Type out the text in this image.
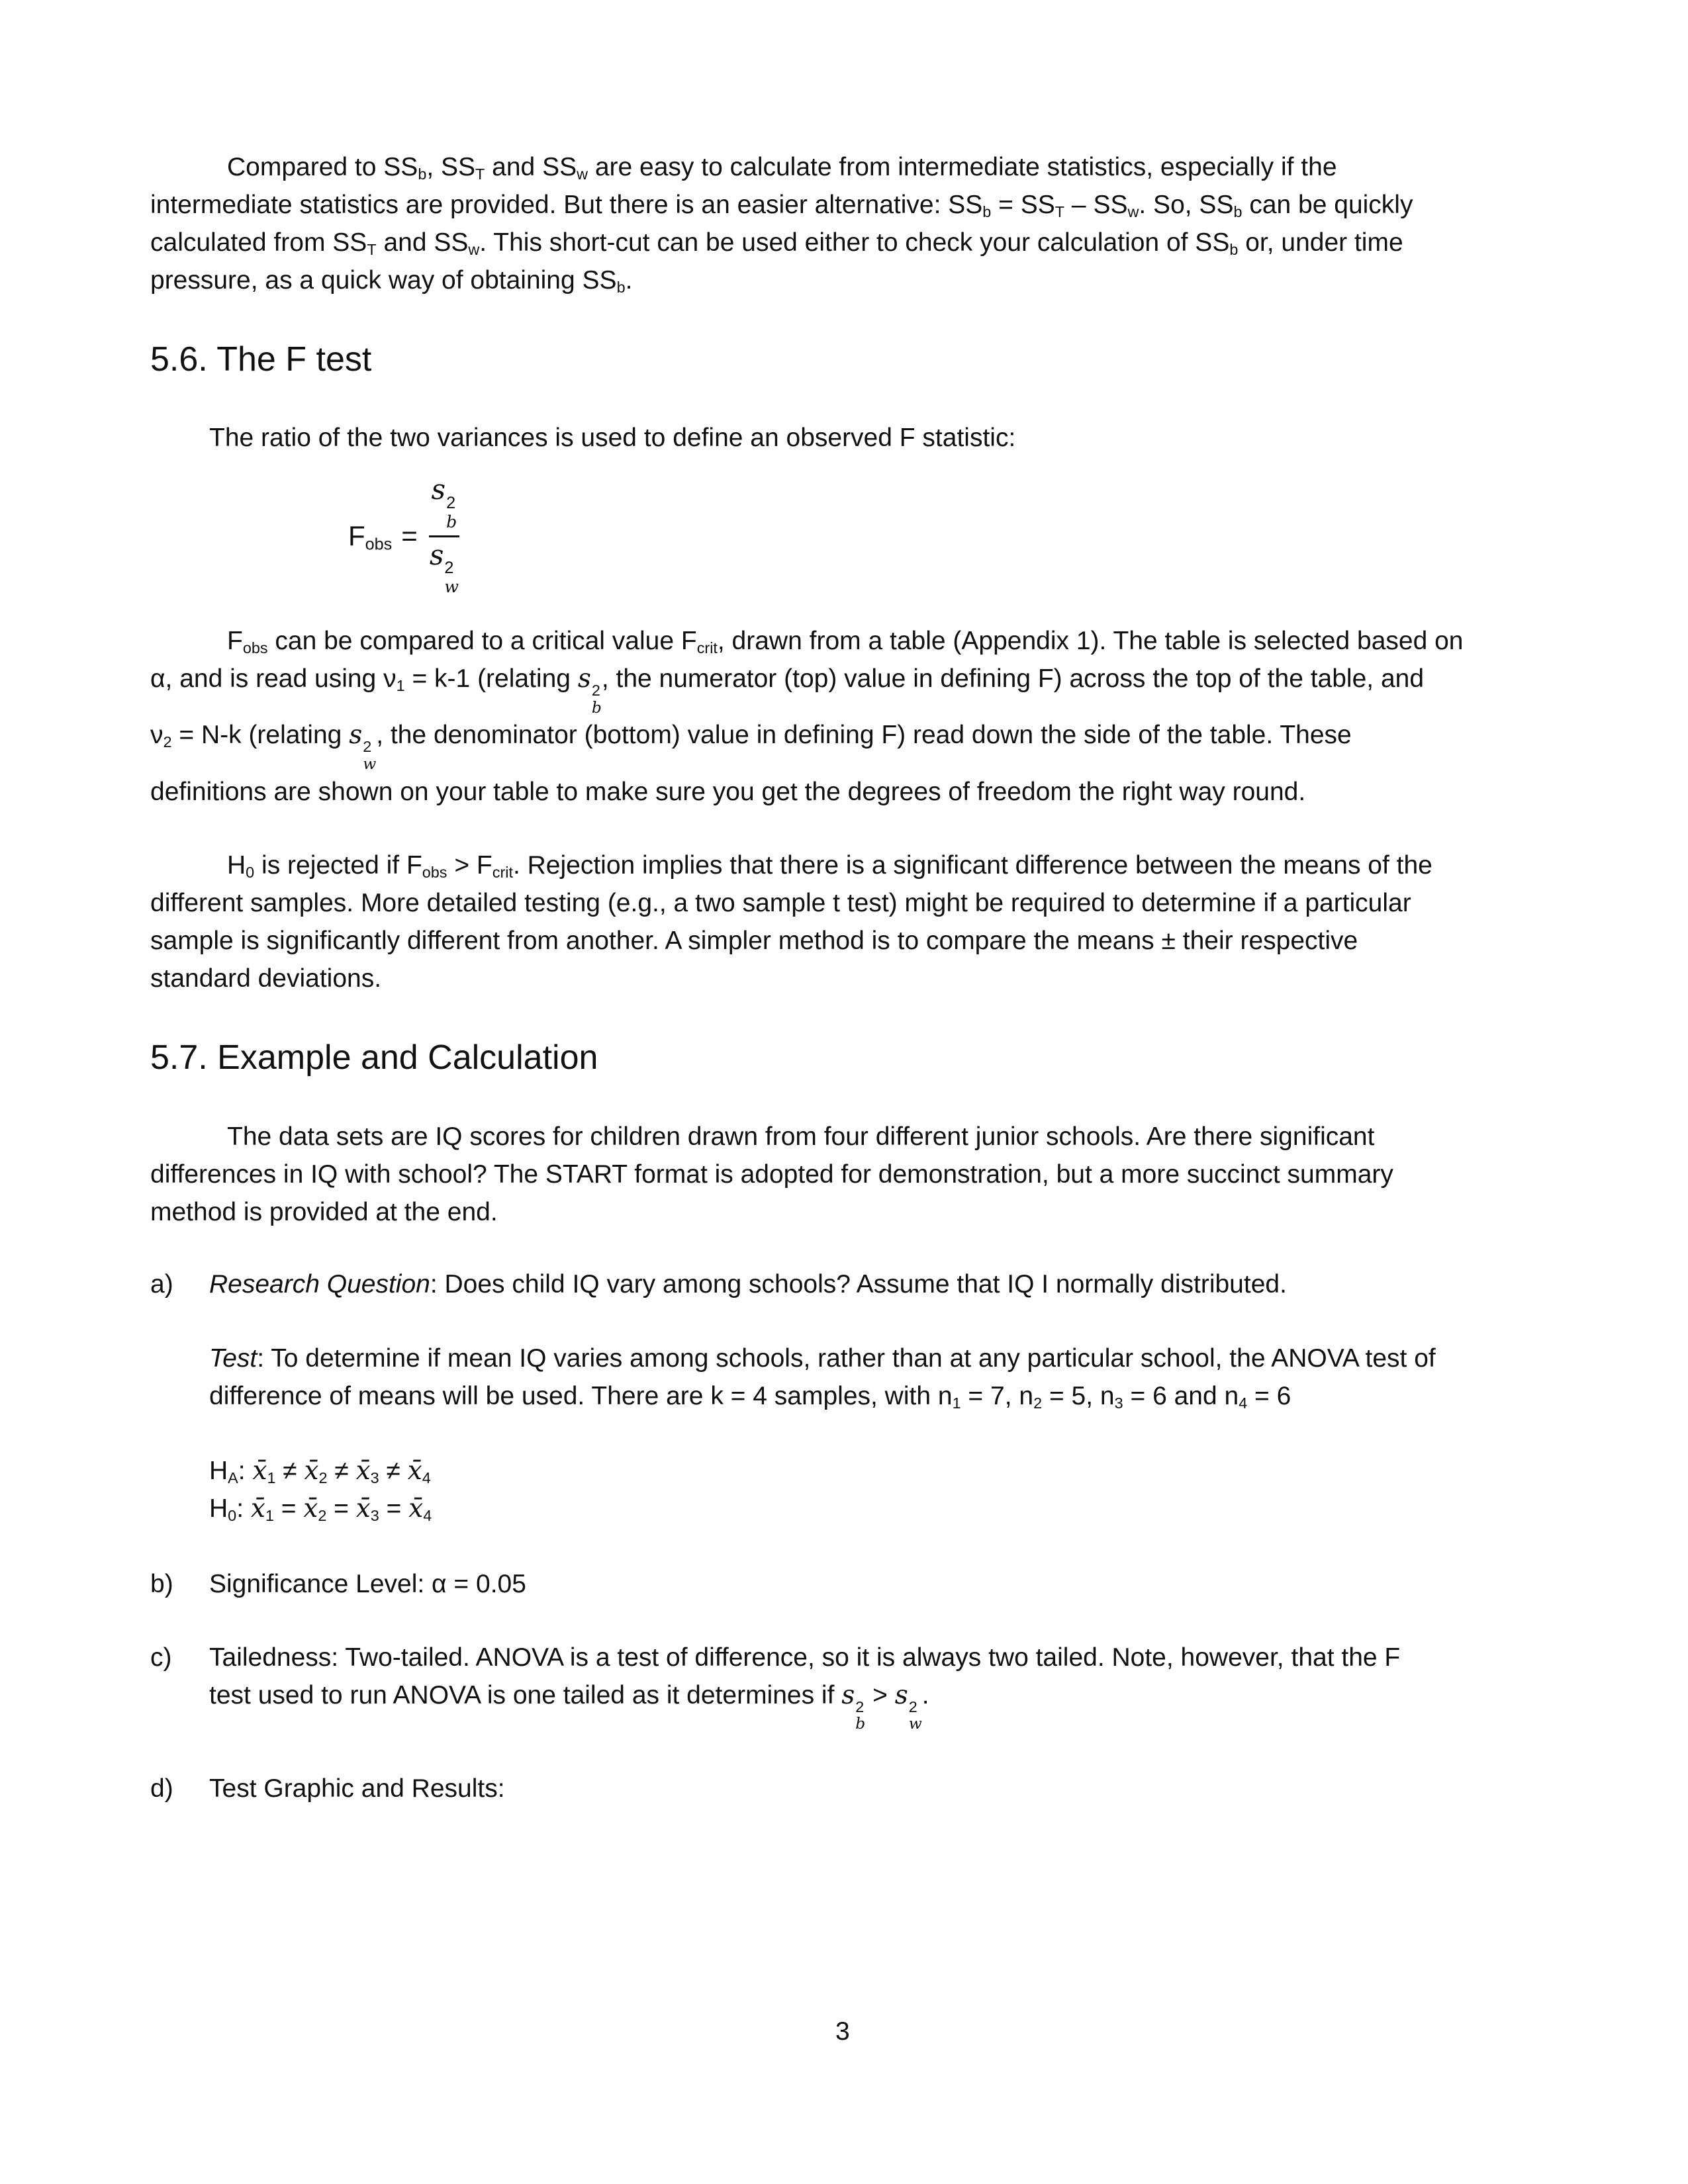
Compared to $SS_b$, $SS_T$ and $SS_w$ are easy to calculate from intermediate statistics, especially if the
intermediate statistics are provided. But there is an easier alternative: $SS_b = SS_T - SS_w$. So, $SS_b$ can be quickly
calculated from $SS_T$ and $SS_w$. This short-cut can be used either to check your calculation of $SS_b$ or, under time
pressure, as a quick way of obtaining $SS_b$.

5.6. The F test

The ratio of the two variances is used to define an observed F statistic:

$F_{obs} = s$ 2
b
s 2
w

$F_{obs}$ can be compared to a critical value $F_{crit}$, drawn from a table (Appendix 1). The table is selected based on
α, and is read using $\nu_1 = k-1$ (relating s 2
b
, the numerator (top) value in defining F) across the top of the table, and
$\nu_2 = N-k$ (relating s 2
w
, the denominator (bottom) value in defining F) read down the side of the table. These
definitions are shown on your table to make sure you get the degrees of freedom the right way round.

$H_0$ is rejected if $F_{obs} > F_{crit}$. Rejection implies that there is a significant difference between the means of the
different samples. More detailed testing (e.g., a two sample t test) might be required to determine if a particular
sample is significantly different from another. A simpler method is to compare the means ± their respective
standard deviations.

5.7. Example and Calculation

The data sets are IQ scores for children drawn from four different junior schools. Are there significant
differences in IQ with school? The START format is adopted for demonstration, but a more succinct summary
method is provided at the end.

a)	Research Question: Does child IQ vary among schools? Assume that IQ I normally distributed.
Test: To determine if mean IQ varies among schools, rather than at any particular school, the ANOVA test of
difference of means will be used. There are k = 4 samples, with $n_1 = 7$, $n_2 = 5$, $n_3 = 6$ and $n_4 = 6$
$H_A$: $x̄_1$ ≠ $x̄_2$ ≠ $x̄_3$ ≠ $x̄_4$
$H_0$: $x̄_1$ = $x̄_2$ = $x̄_3$ = $x̄_4$
b)	Significance Level: α = 0.05
c)	Tailedness: Two-tailed. ANOVA is a test of difference, so it is always two tailed. Note, however, that the F
test used to run ANOVA is one tailed as it determines if s 2
b
> s 2
w
.
d)	Test Graphic and Results:
3
